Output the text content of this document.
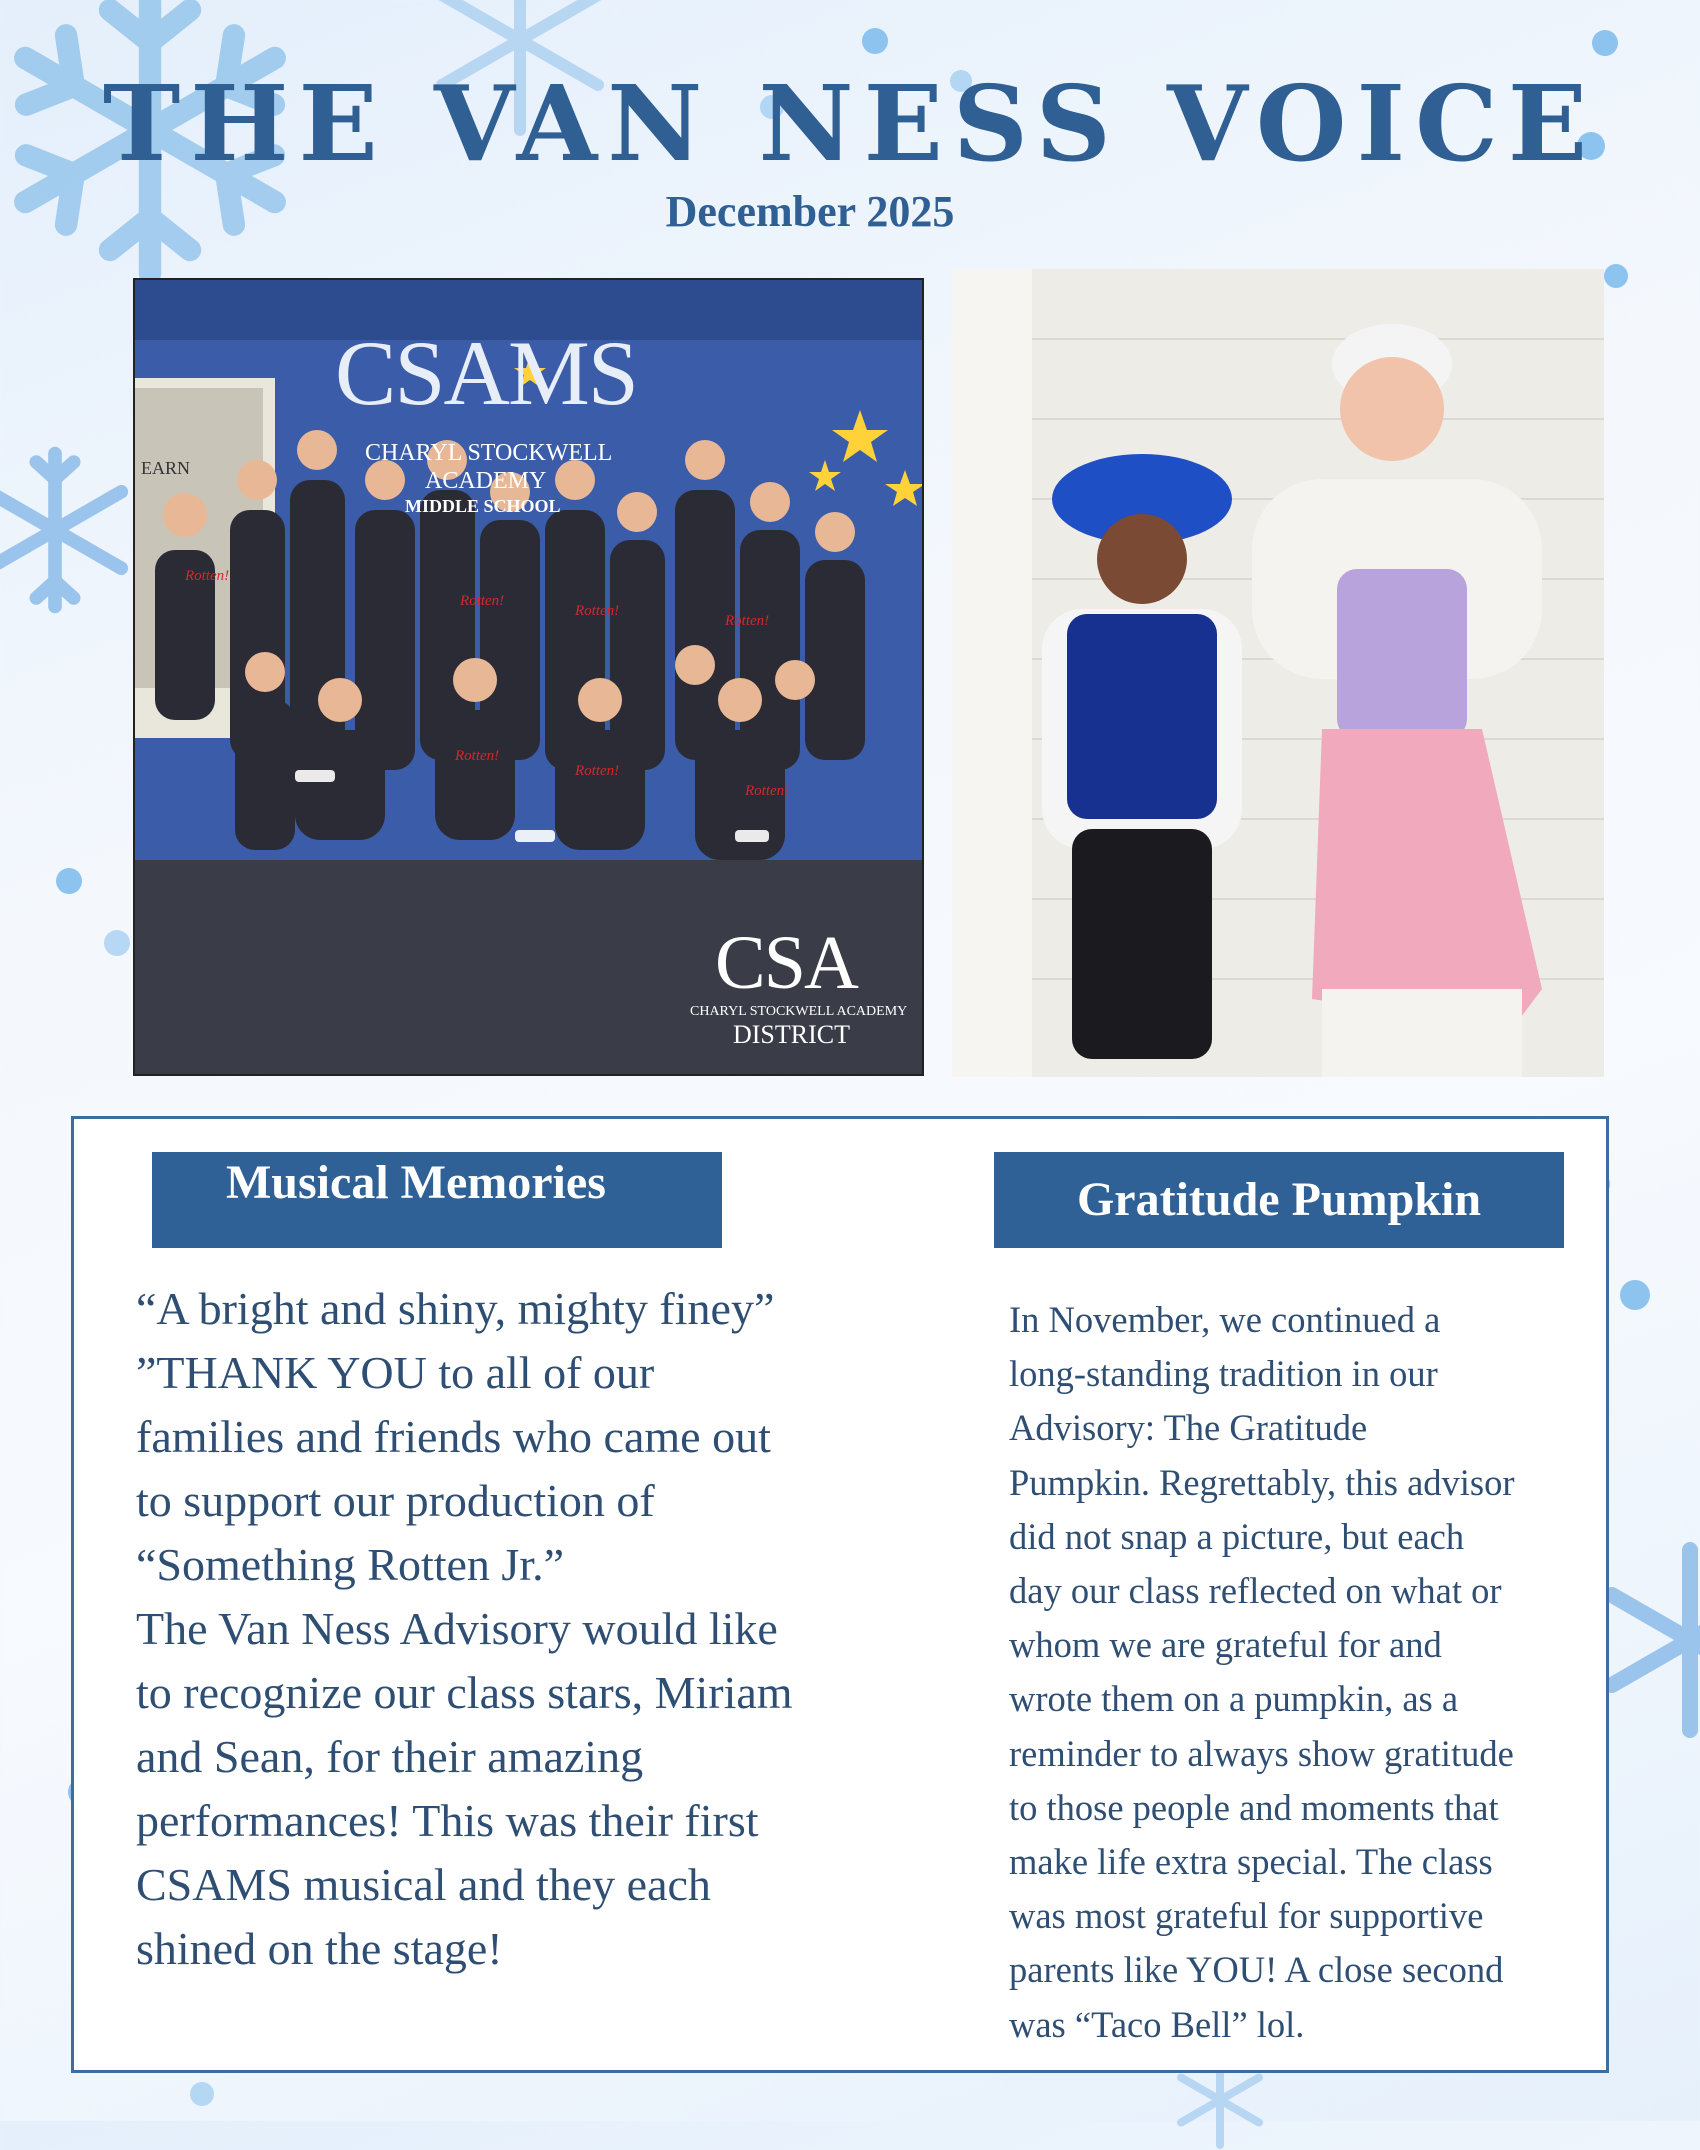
THE VAN NESS VOICE
December 2025
Rotten!
Rotten!
Rotten!
Rotten!
Rotten!
Rotten!
Rotten!
CSAMS
CHARYL STOCKWELL
ACADEMY
MIDDLE SCHOOL
EARN
CSA
CHARYL STOCKWELL ACADEMY
DISTRICT
Musical Memories	Gratitude Pumpkin
“A bright and shiny, mighty finey”
”THANK YOU to all of our
families and friends who came out
to support our production of
“Something Rotten Jr.”
The Van Ness Advisory would like
to recognize our class stars, Miriam
and Sean, for their amazing
performances! This was their first
CSAMS musical and they each
shined on the stage!
In November, we continued a
long-standing tradition in our
Advisory: The Gratitude
Pumpkin. Regrettably, this advisor
did not snap a picture, but each
day our class reflected on what or
whom we are grateful for and
wrote them on a pumpkin, as a
reminder to always show gratitude
to those people and moments that
make life extra special. The class
was most grateful for supportive
parents like YOU! A close second
was “Taco Bell” lol.
